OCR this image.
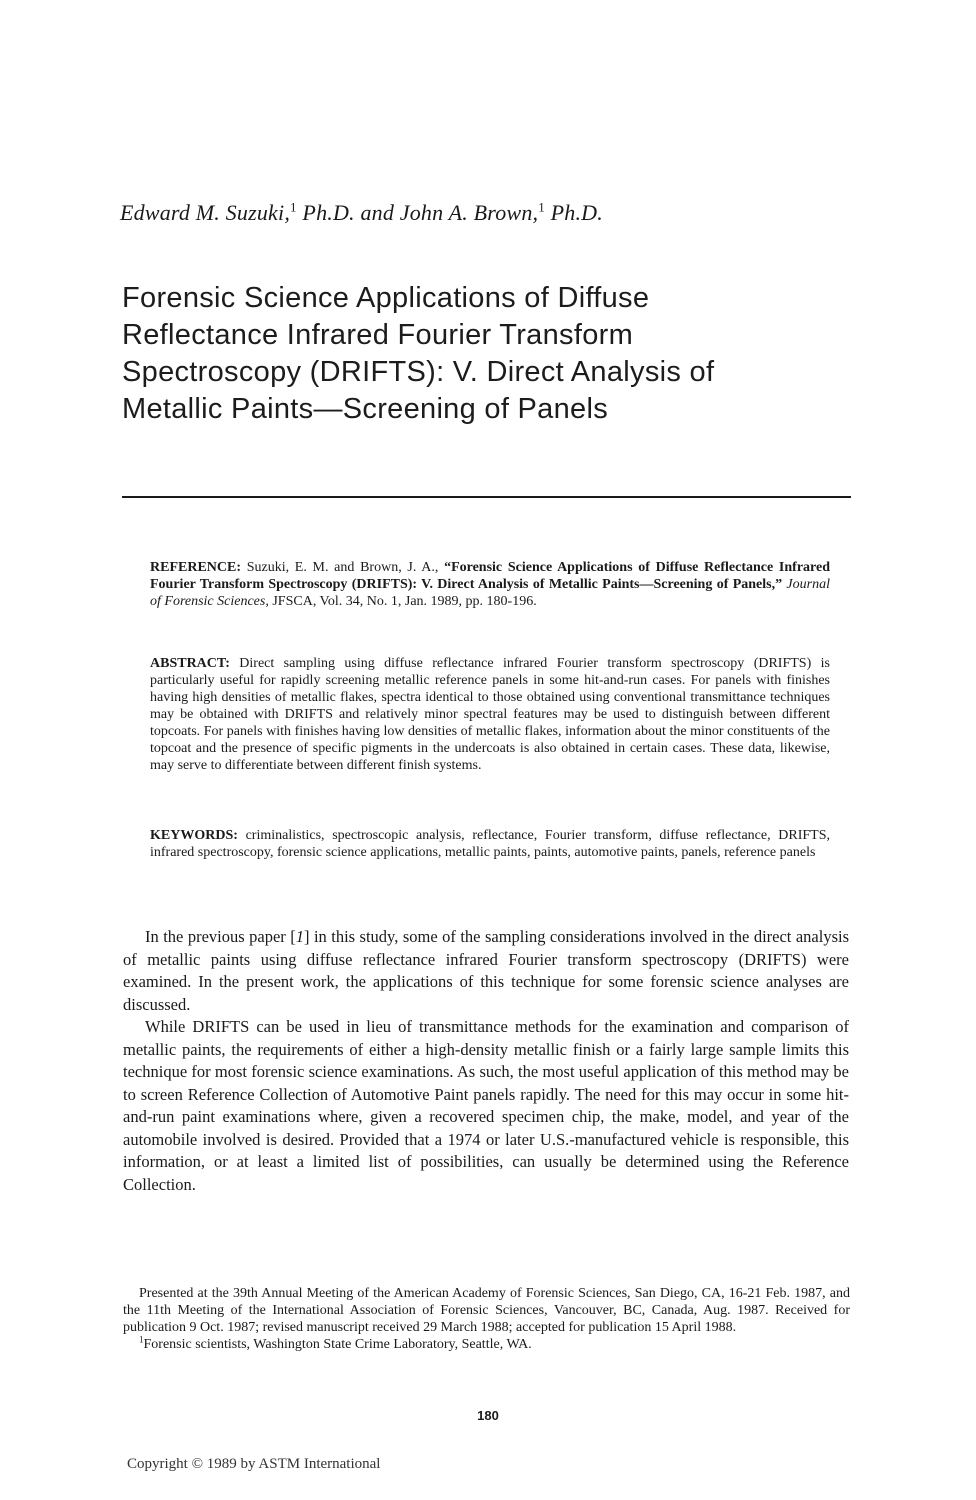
Edward M. Suzuki,$^1$ Ph.D. and John A. Brown,$^1$ Ph.D.
Forensic Science Applications of Diffuse
Reflectance Infrared Fourier Transform
Spectroscopy (DRIFTS): V. Direct Analysis of
Metallic Paints—Screening of Panels
REFERENCE: Suzuki, E. M. and Brown, J. A., “Forensic Science Applications of Diffuse Reflectance Infrared Fourier Transform Spectroscopy (DRIFTS): V. Direct Analysis of Metallic Paints—Screening of Panels,” Journal of Forensic Sciences, JFSCA, Vol. 34, No. 1, Jan. 1989, pp. 180-196.
ABSTRACT: Direct sampling using diffuse reflectance infrared Fourier transform spectroscopy (DRIFTS) is particularly useful for rapidly screening metallic reference panels in some hit-and-run cases. For panels with finishes having high densities of metallic flakes, spectra identical to those obtained using conventional transmittance techniques may be obtained with DRIFTS and relatively minor spectral features may be used to distinguish between different topcoats. For panels with finishes having low densities of metallic flakes, information about the minor constituents of the topcoat and the presence of specific pigments in the undercoats is also obtained in certain cases. These data, likewise, may serve to differentiate between different finish systems.
KEYWORDS: criminalistics, spectroscopic analysis, reflectance, Fourier transform, diffuse reflectance, DRIFTS, infrared spectroscopy, forensic science applications, metallic paints, paints, automotive paints, panels, reference panels

In the previous paper [1] in this study, some of the sampling considerations involved in the direct analysis of metallic paints using diffuse reflectance infrared Fourier transform spectroscopy (DRIFTS) were examined. In the present work, the applications of this technique for some forensic science analyses are discussed.

While DRIFTS can be used in lieu of transmittance methods for the examination and comparison of metallic paints, the requirements of either a high-density metallic finish or a fairly large sample limits this technique for most forensic science examinations. As such, the most useful application of this method may be to screen Reference Collection of Automotive Paint panels rapidly. The need for this may occur in some hit-and-run paint examinations where, given a recovered specimen chip, the make, model, and year of the automobile involved is desired. Provided that a 1974 or later U.S.-manufactured vehicle is responsible, this information, or at least a limited list of possibilities, can usually be determined using the Reference Collection.

Presented at the 39th Annual Meeting of the American Academy of Forensic Sciences, San Diego, CA, 16-21 Feb. 1987, and the 11th Meeting of the International Association of Forensic Sciences, Vancouver, BC, Canada, Aug. 1987. Received for publication 9 Oct. 1987; revised manuscript received 29 March 1988; accepted for publication 15 April 1988.

$^1$Forensic scientists, Washington State Crime Laboratory, Seattle, WA.

180
Copyright © 1989 by ASTM International
